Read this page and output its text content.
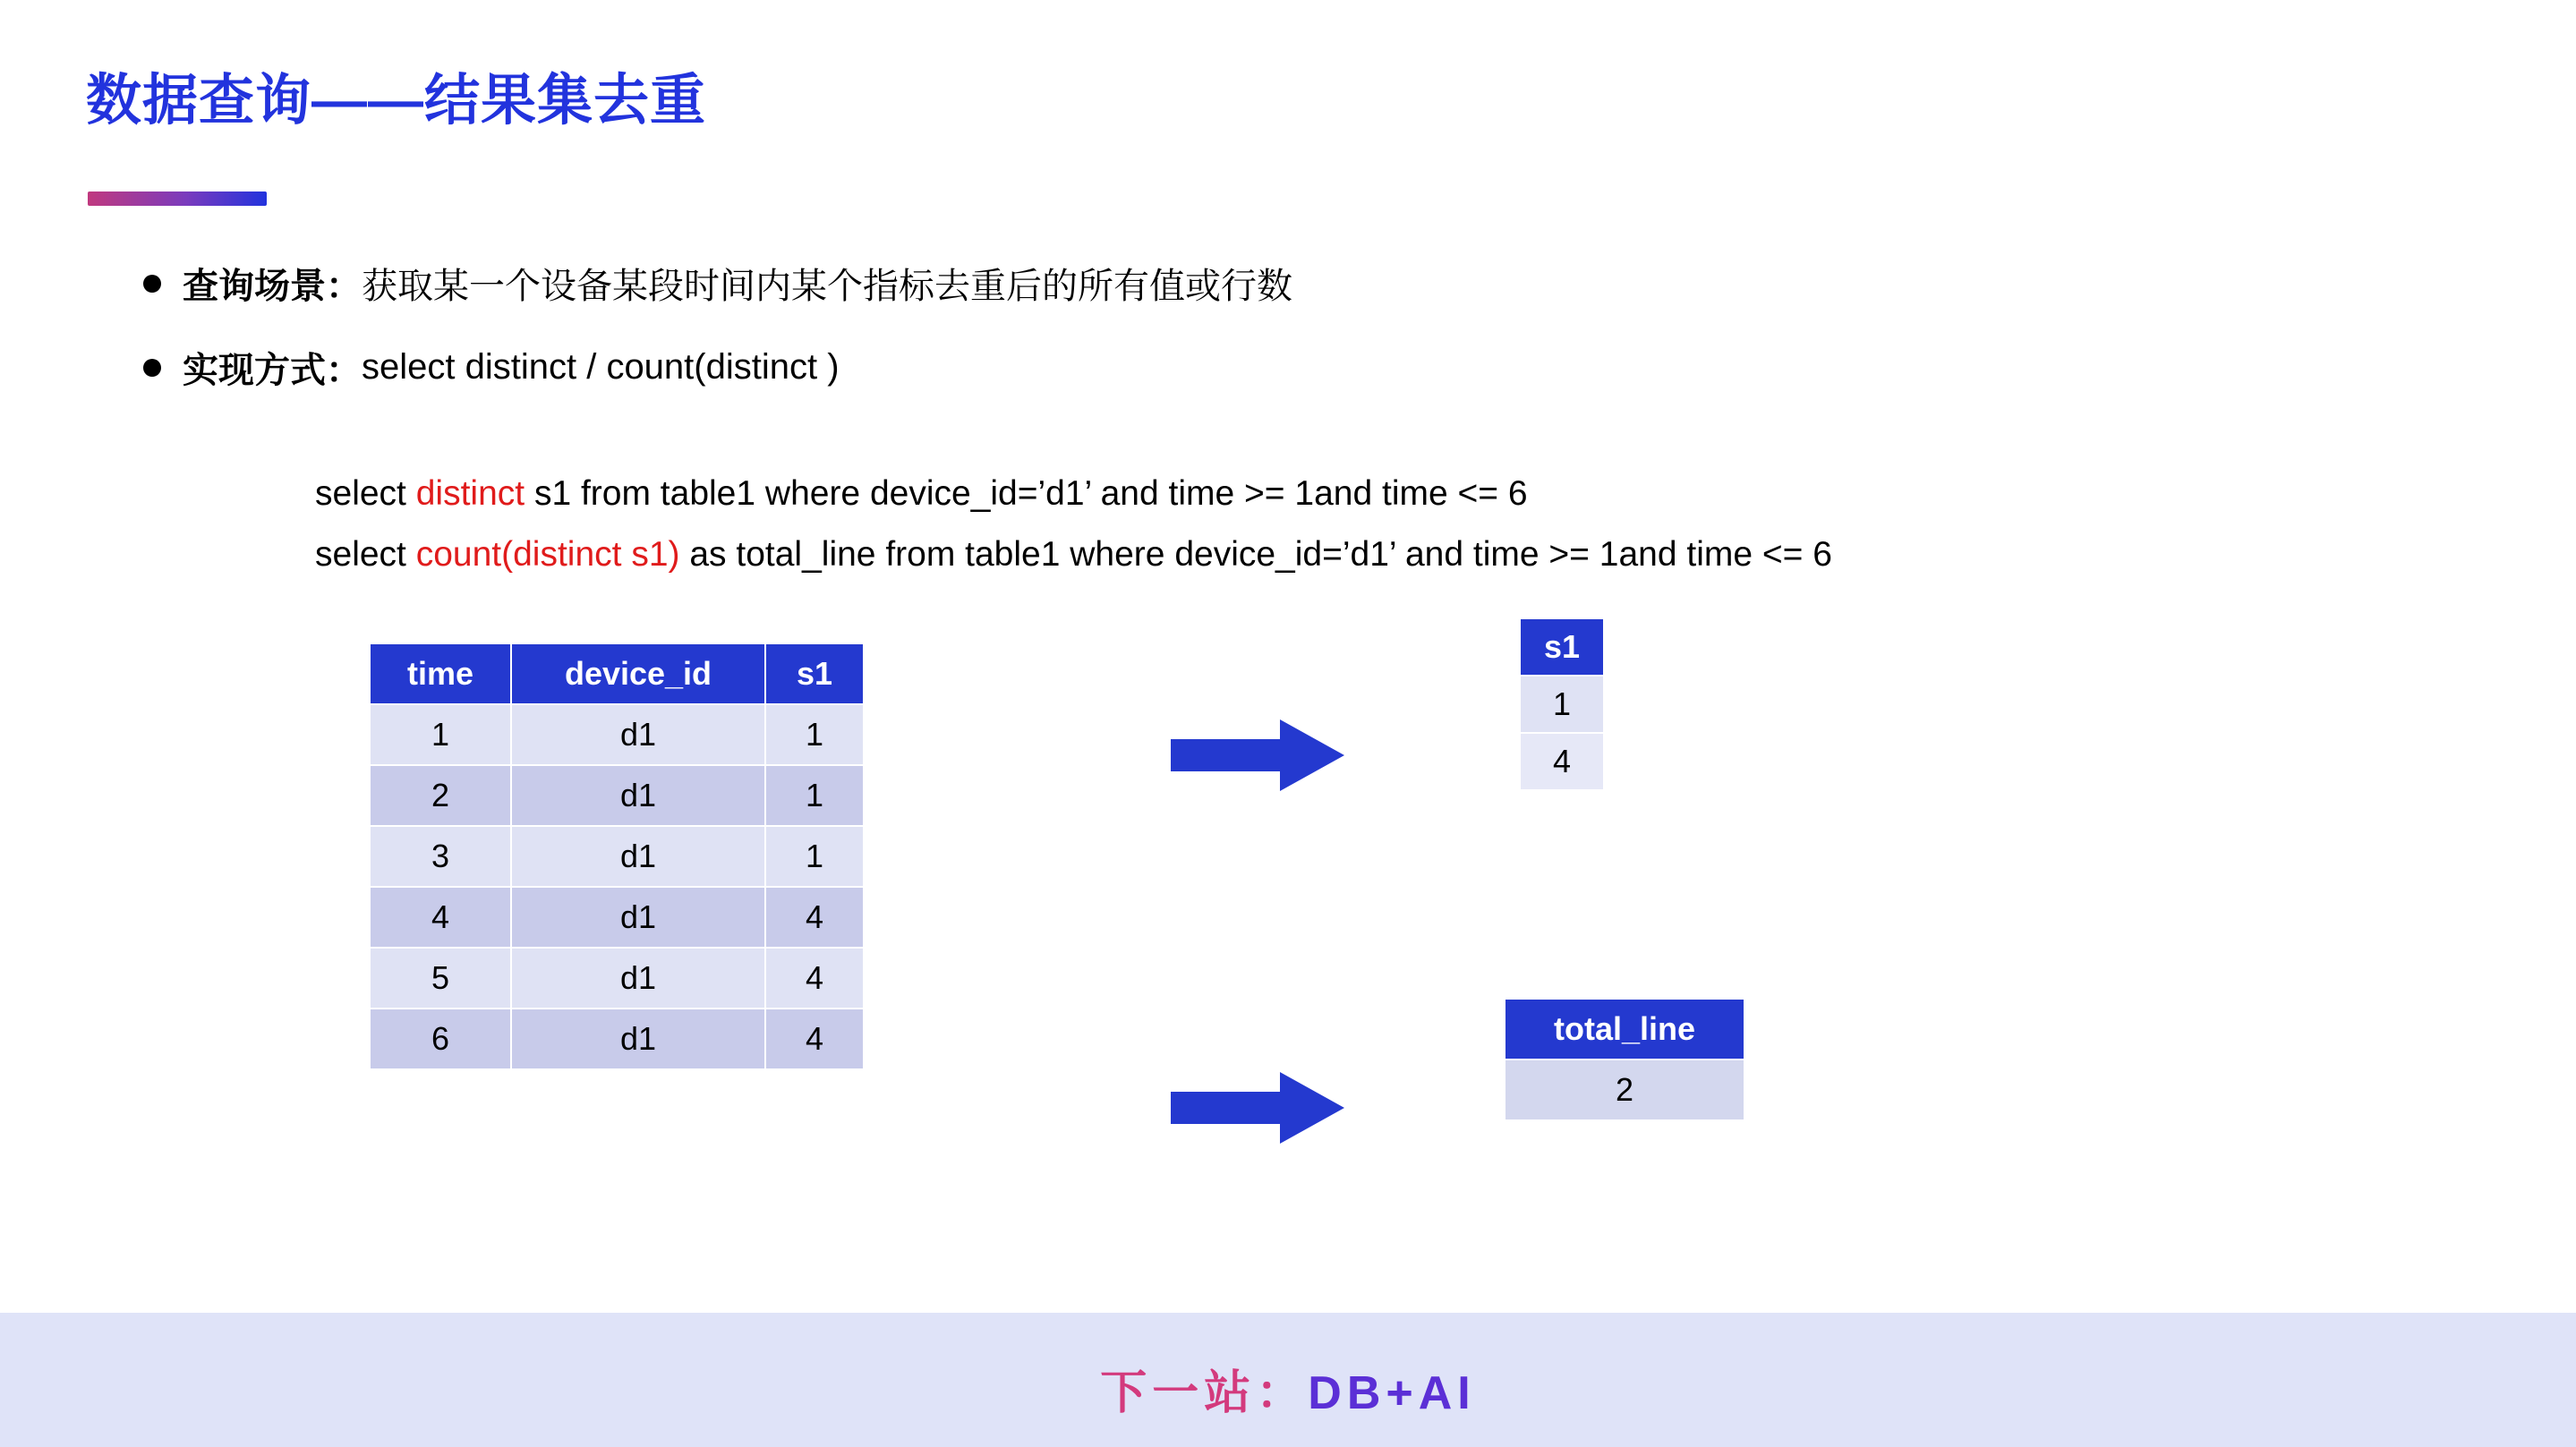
数据查询——结果集去重
查询场景 ： 获取某一个设备某段时间内某个指标去重后的所有值或行数
实现方式 ： select distinct / count(distinct )
select distinct s1 from table1 where device_id=’d1’ and time >= 1and time <= 6
select count(distinct s1) as total_line from table1 where device_id=’d1’ and time >= 1and time <= 6
time	device_id	s1
1	d1	1
2	d1	1
3	d1	1
4	d1	4
5	d1	4
6	d1	4
s1
1
4
total_line
2
下一站：DB+AI
